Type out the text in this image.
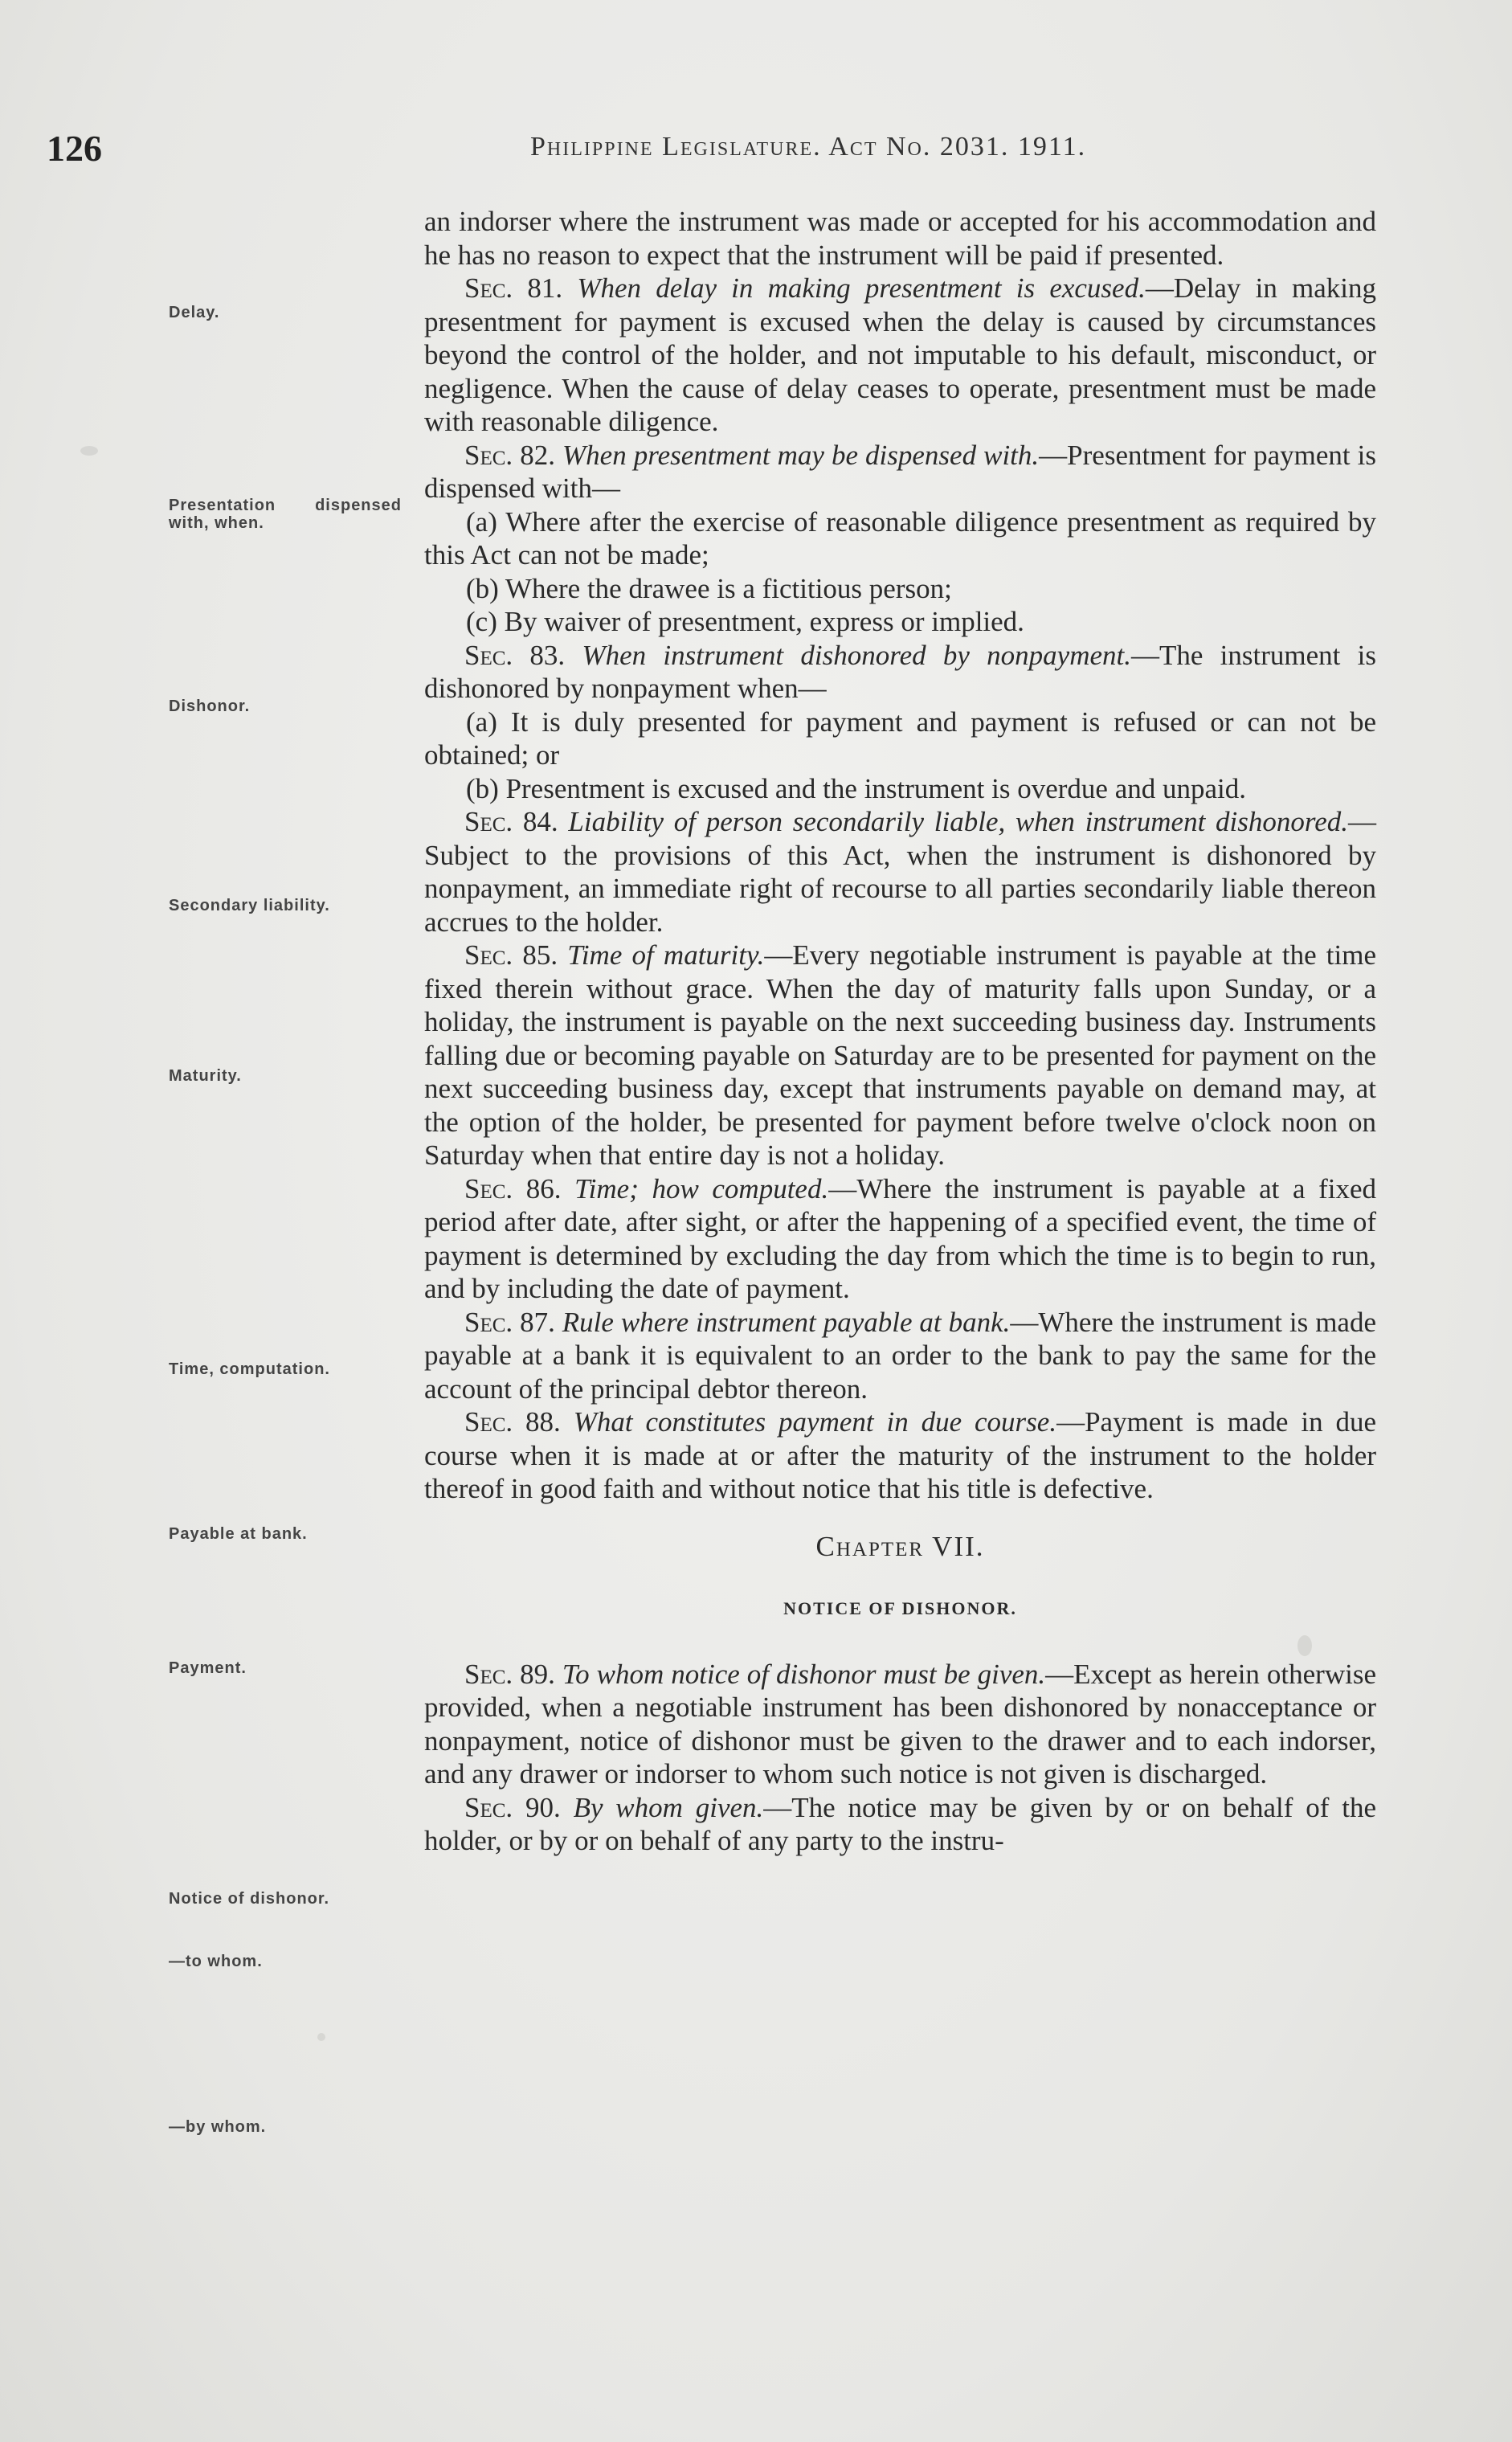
126	Philippine Legislature. Act No. 2031. 1911.
Delay.
Presentation dispensed with, when.
Dishonor.
Secondary liability.
Maturity.
Time, computation.
Payable at bank.
Payment.
Notice of dishonor.
—to whom.
—by whom.

an indorser where the instrument was made or accepted for his accommodation and he has no reason to expect that the instrument will be paid if presented.

Sec. 81. When delay in making presentment is excused.—Delay in making presentment for payment is excused when the delay is caused by circumstances beyond the control of the holder, and not imputable to his default, misconduct, or negligence. When the cause of delay ceases to operate, presentment must be made with reasonable diligence.

Sec. 82. When presentment may be dispensed with.—Presentment for payment is dispensed with—

(a) Where after the exercise of reasonable diligence presentment as required by this Act can not be made;

(b) Where the drawee is a fictitious person;

(c) By waiver of presentment, express or implied.

Sec. 83. When instrument dishonored by nonpayment.—The instrument is dishonored by nonpayment when—

(a) It is duly presented for payment and payment is refused or can not be obtained; or

(b) Presentment is excused and the instrument is overdue and unpaid.

Sec. 84. Liability of person secondarily liable, when instrument dishonored.—Subject to the provisions of this Act, when the instrument is dishonored by nonpayment, an immediate right of recourse to all parties secondarily liable thereon accrues to the holder.

Sec. 85. Time of maturity.—Every negotiable instrument is payable at the time fixed therein without grace. When the day of maturity falls upon Sunday, or a holiday, the instrument is payable on the next succeeding business day. Instruments falling due or becoming payable on Saturday are to be presented for payment on the next succeeding business day, except that instruments payable on demand may, at the option of the holder, be presented for payment before twelve o'clock noon on Saturday when that entire day is not a holiday.

Sec. 86. Time; how computed.—Where the instrument is payable at a fixed period after date, after sight, or after the happening of a specified event, the time of payment is determined by excluding the day from which the time is to begin to run, and by including the date of payment.

Sec. 87. Rule where instrument payable at bank.—Where the instrument is made payable at a bank it is equivalent to an order to the bank to pay the same for the account of the principal debtor thereon.

Sec. 88. What constitutes payment in due course.—Payment is made in due course when it is made at or after the maturity of the instrument to the holder thereof in good faith and without notice that his title is defective.

Chapter VII.

NOTICE OF DISHONOR.

Sec. 89. To whom notice of dishonor must be given.—Except as herein otherwise provided, when a negotiable instrument has been dishonored by nonacceptance or nonpayment, notice of dishonor must be given to the drawer and to each indorser, and any drawer or indorser to whom such notice is not given is discharged.

Sec. 90. By whom given.—The notice may be given by or on behalf of the holder, or by or on behalf of any party to the instru-
